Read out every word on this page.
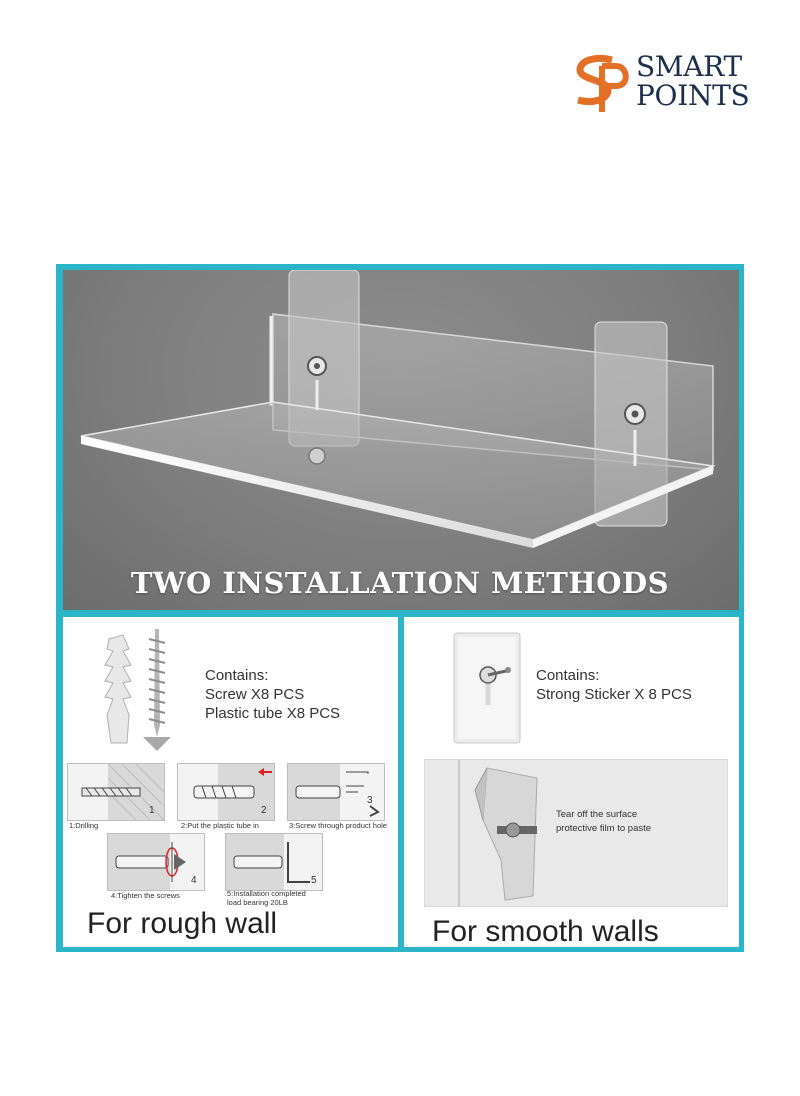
SMART
POINTS
TWO INSTALLATION METHODS
Contains:
Screw X8 PCS
Plastic tube X8 PCS
1
1:Drilling
2
2:Put the plastic tube in
3
3:Screw through product hole
4
4:Tighten the screws
5
5:Installation completed
load bearing 20LB
For rough wall
Contains:
Strong Sticker X 8 PCS
Tear off the surface
protective film to paste
For smooth walls
